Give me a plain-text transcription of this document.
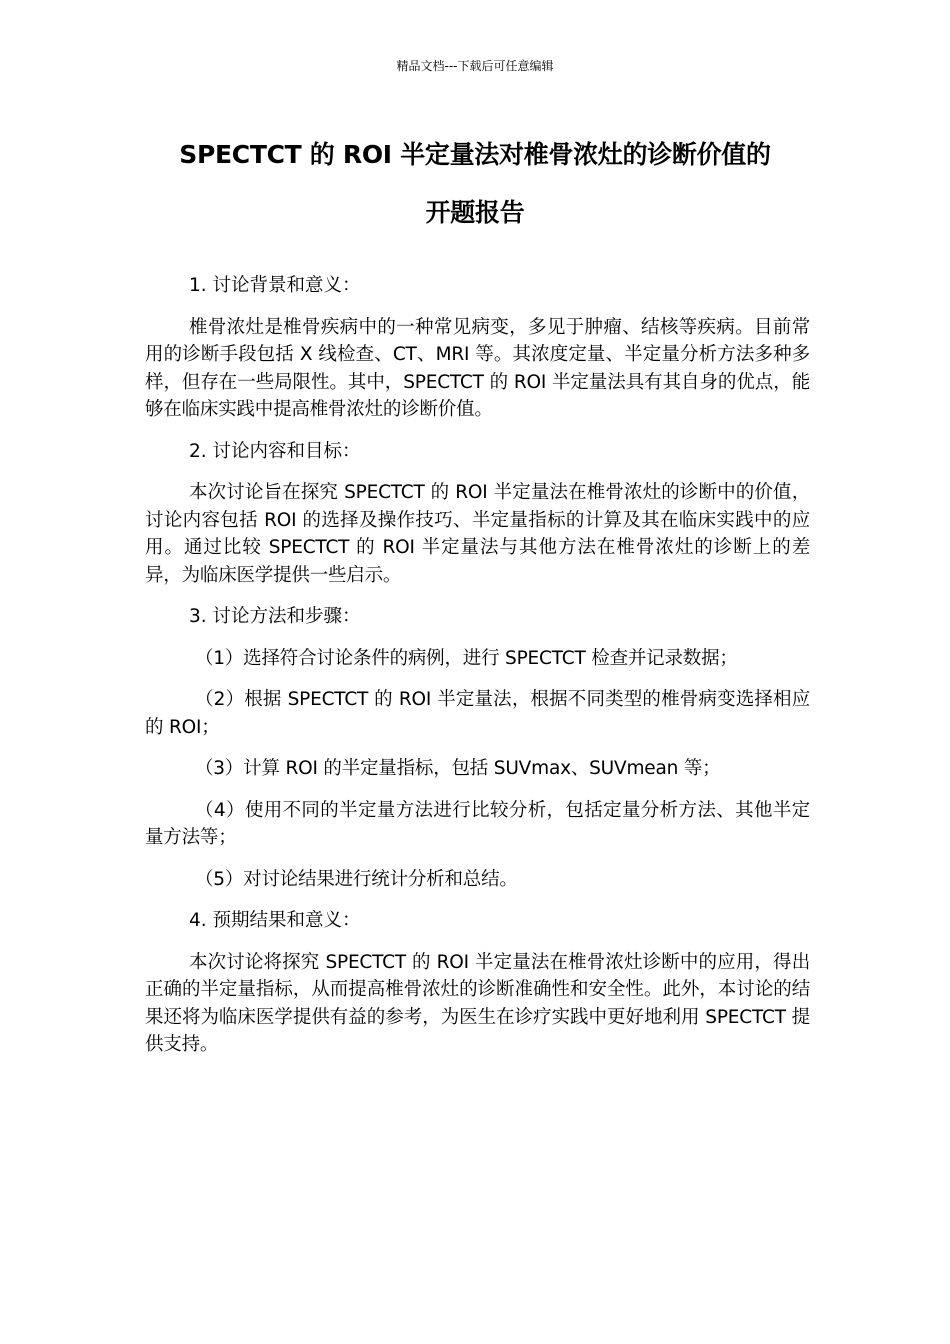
精品文档---下载后可任意编辑
SPECTCT 的 ROI 半定量法对椎骨浓灶的诊断价值的
开题报告

1. 讨论背景和意义：

椎骨浓灶是椎骨疾病中的一种常见病变，多见于肿瘤、结核等疾病。目前常用的诊断手段包括 X 线检查、CT、MRI 等。其浓度定量、半定量分析方法多种多样，但存在一些局限性。其中，SPECTCT 的 ROI 半定量法具有其自身的优点，能够在临床实践中提高椎骨浓灶的诊断价值。

2. 讨论内容和目标：

本次讨论旨在探究 SPECTCT 的 ROI 半定量法在椎骨浓灶的诊断中的价值，讨论内容包括 ROI 的选择及操作技巧、半定量指标的计算及其在临床实践中的应用。通过比较 SPECTCT 的 ROI 半定量法与其他方法在椎骨浓灶的诊断上的差异，为临床医学提供一些启示。

3. 讨论方法和步骤：

（1）选择符合讨论条件的病例，进行 SPECTCT 检查并记录数据；

（2）根据 SPECTCT 的 ROI 半定量法，根据不同类型的椎骨病变选择相应的 ROI；

（3）计算 ROI 的半定量指标，包括 SUVmax、SUVmean 等；

（4）使用不同的半定量方法进行比较分析，包括定量分析方法、其他半定量方法等；

（5）对讨论结果进行统计分析和总结。

4. 预期结果和意义：

本次讨论将探究 SPECTCT 的 ROI 半定量法在椎骨浓灶诊断中的应用，得出正确的半定量指标，从而提高椎骨浓灶的诊断准确性和安全性。此外，本讨论的结果还将为临床医学提供有益的参考，为医生在诊疗实践中更好地利用 SPECTCT 提供支持。
